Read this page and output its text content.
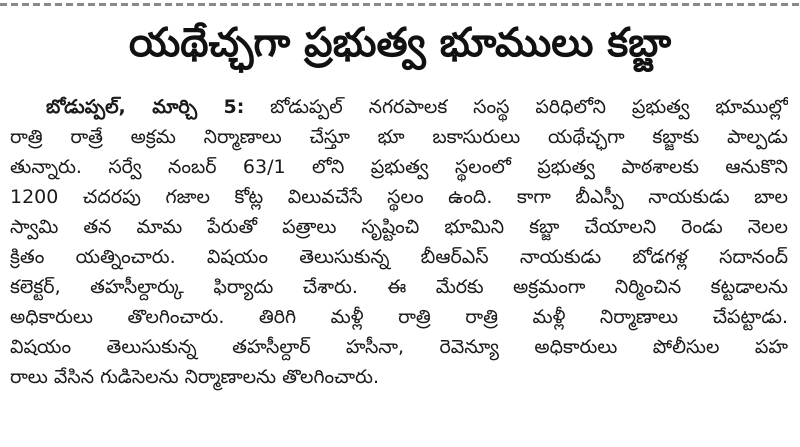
యథేచ్ఛగా ప్రభుత్వ భూములు కబ్జా
బోడుప్పల్, మార్చి 5: బోడుప్పల్ నగరపాలక సంస్థ పరిధిలోని ప్రభుత్వ భూముల్లో
రాత్రి రాత్రే అక్రమ నిర్మాణాలు చేస్తూ భూ బకాసురులు యథేచ్ఛగా కబ్జాకు పాల్పడు
తున్నారు. సర్వే నంబర్ 63/1 లోని ప్రభుత్వ స్థలంలో ప్రభుత్వ పాఠశాలకు ఆనుకొని
1200 చదరపు గజాల కోట్ల విలువచేసే స్థలం ఉంది. కాగా బీఎస్పీ నాయకుడు బాల
స్వామి తన మామ పేరుతో పత్రాలు సృష్టించి భూమిని కబ్జా చేయాలని రెండు నెలల
క్రితం యత్నించారు. విషయం తెలుసుకున్న బీఆర్ఎస్ నాయకుడు బోడగళ్ల సదానంద్
కలెక్టర్, తహసీల్దార్కు ఫిర్యాదు చేశారు. ఈ మేరకు అక్రమంగా నిర్మించిన కట్టడాలను
అధికారులు తొలగించారు. తిరిగి మళ్లీ రాత్రి రాత్రి మళ్లీ నిర్మాణాలు చేపట్టాడు.
విషయం తెలుసుకున్న తహసీల్దార్ హసీనా, రెవెన్యూ అధికారులు పోలీసుల పహ
రాలు వేసిన గుడిసెలను నిర్మాణాలను తొలగించారు.
